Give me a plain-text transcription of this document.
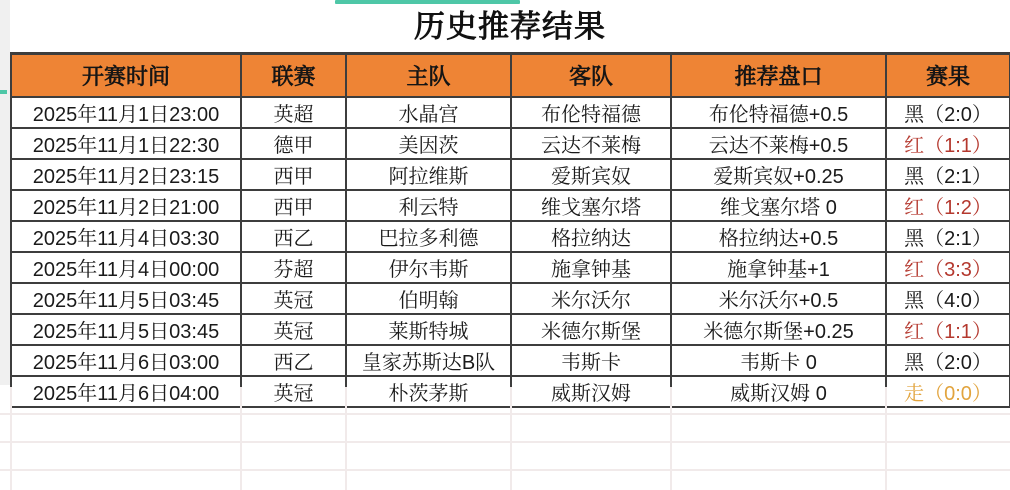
历史推荐结果
开赛时间	联赛	主队	客队	推荐盘口	赛果
2025年11月1日23:00	英超	水晶宫	布伦特福德	布伦特福德+0.5	黑（2:0）
2025年11月1日22:30	德甲	美因茨	云达不莱梅	云达不莱梅+0.5	红（1:1）
2025年11月2日23:15	西甲	阿拉维斯	爱斯宾奴	爱斯宾奴+0.25	黑（2:1）
2025年11月2日21:00	西甲	利云特	维戈塞尔塔	维戈塞尔塔 0	红（1:2）
2025年11月4日03:30	西乙	巴拉多利德	格拉纳达	格拉纳达+0.5	黑（2:1）
2025年11月4日00:00	芬超	伊尔韦斯	施拿钟基	施拿钟基+1	红（3:3）
2025年11月5日03:45	英冠	伯明翰	米尔沃尔	米尔沃尔+0.5	黑（4:0）
2025年11月5日03:45	英冠	莱斯特城	米德尔斯堡	米德尔斯堡+0.25	红（1:1）
2025年11月6日03:00	西乙	皇家苏斯达B队	韦斯卡	韦斯卡 0	黑（2:0）
2025年11月6日04:00	英冠	朴茨茅斯	威斯汉姆	威斯汉姆 0	走（0:0）
